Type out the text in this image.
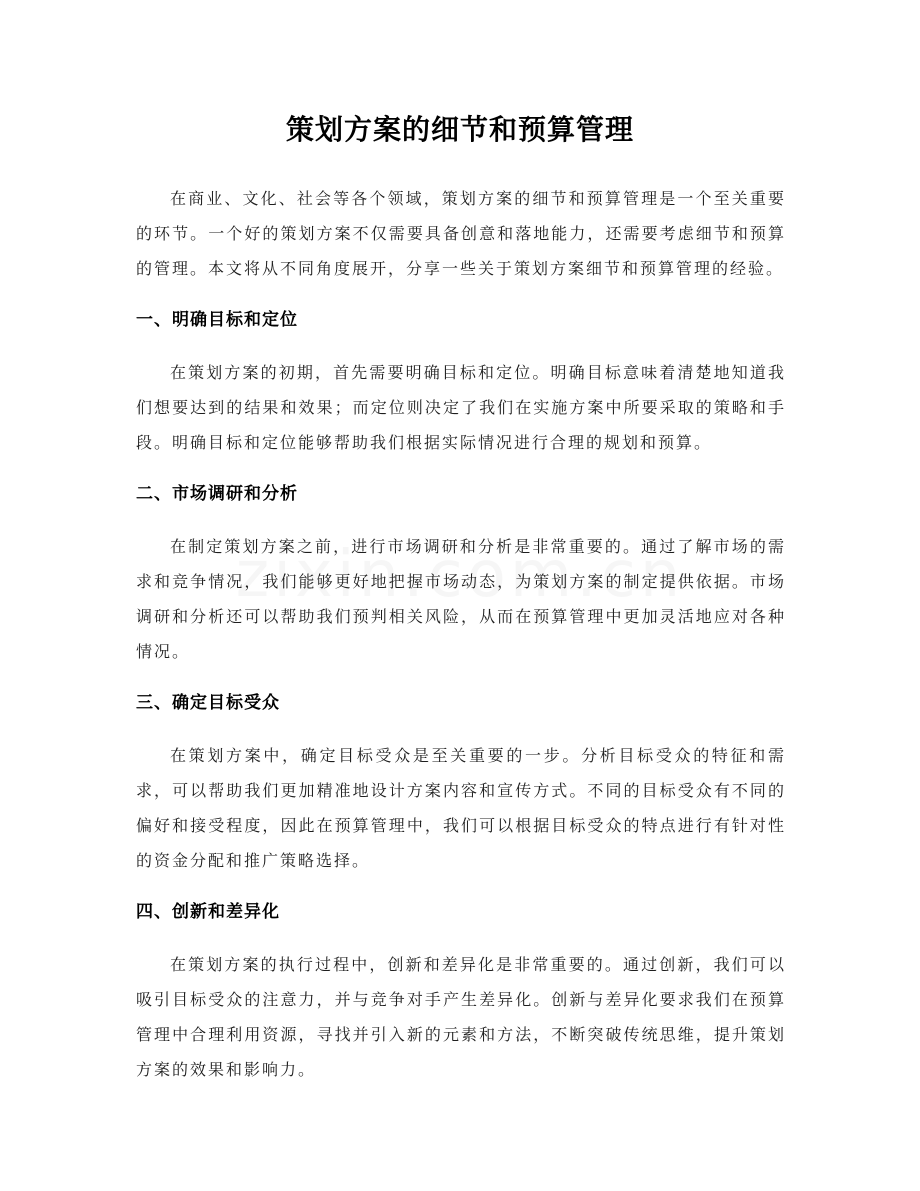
策划方案的细节和预算管理

在商业、文化、社会等各个领域，策划方案的细节和预算管理是一个至关重要的环节。一个好的策划方案不仅需要具备创意和落地能力，还需要考虑细节和预算的管理。本文将从不同角度展开，分享一些关于策划方案细节和预算管理的经验。

一、明确目标和定位

在策划方案的初期，首先需要明确目标和定位。明确目标意味着清楚地知道我们想要达到的结果和效果；而定位则决定了我们在实施方案中所要采取的策略和手段。明确目标和定位能够帮助我们根据实际情况进行合理的规划和预算。

二、市场调研和分析

在制定策划方案之前，进行市场调研和分析是非常重要的。通过了解市场的需求和竞争情况，我们能够更好地把握市场动态，为策划方案的制定提供依据。市场调研和分析还可以帮助我们预判相关风险，从而在预算管理中更加灵活地应对各种情况。

三、确定目标受众

在策划方案中，确定目标受众是至关重要的一步。分析目标受众的特征和需求，可以帮助我们更加精准地设计方案内容和宣传方式。不同的目标受众有不同的偏好和接受程度，因此在预算管理中，我们可以根据目标受众的特点进行有针对性的资金分配和推广策略选择。

四、创新和差异化

在策划方案的执行过程中，创新和差异化是非常重要的。通过创新，我们可以吸引目标受众的注意力，并与竞争对手产生差异化。创新与差异化要求我们在预算管理中合理利用资源，寻找并引入新的元素和方法，不断突破传统思维，提升策划方案的效果和影响力。
